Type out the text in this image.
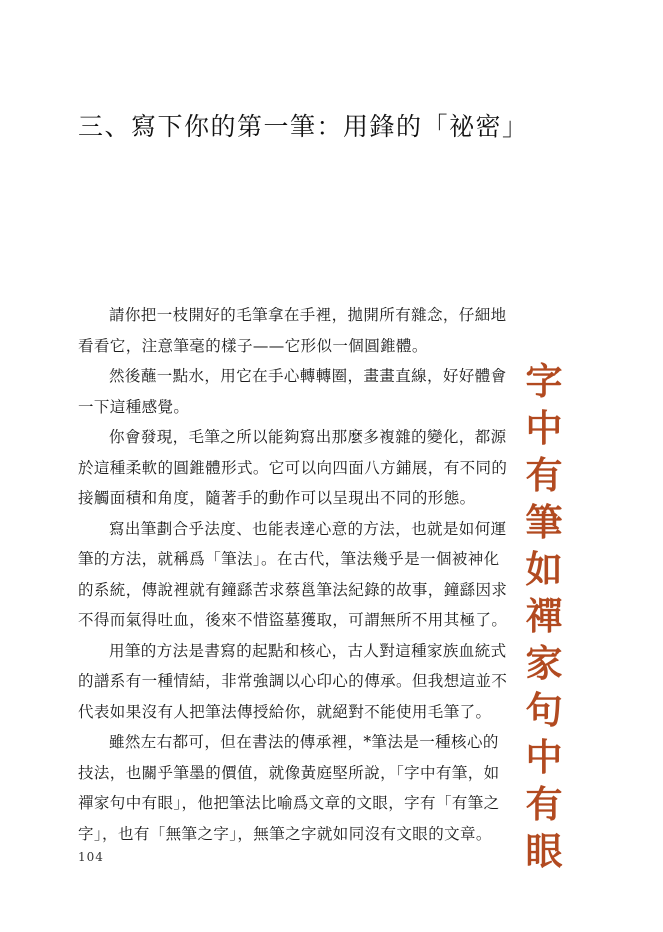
三、寫下你的第一筆：用鋒的「祕密」

請你把一枝開好的毛筆拿在手裡，拋開所有雜念，仔細地
看看它，注意筆毫的樣子——它形似一個圓錐體。

然後蘸一點水，用它在手心轉轉圈，畫畫直線，好好體會
一下這種感覺。

你會發現，毛筆之所以能夠寫出那麼多複雜的變化，都源
於這種柔軟的圓錐體形式。它可以向四面八方鋪展，有不同的
接觸面積和角度，隨著手的動作可以呈現出不同的形態。

寫出筆劃合乎法度、也能表達心意的方法，也就是如何運
筆的方法，就稱爲「筆法」。在古代，筆法幾乎是一個被神化
的系統，傳說裡就有鐘繇苦求蔡邕筆法紀錄的故事，鐘繇因求
不得而氣得吐血，後來不惜盜墓獲取，可謂無所不用其極了。

用筆的方法是書寫的起點和核心，古人對這種家族血統式
的譜系有一種情結，非常強調以心印心的傳承。但我想這並不
代表如果沒有人把筆法傳授給你，就絕對不能使用毛筆了。

雖然左右都可，但在書法的傳承裡，*筆法是一種核心的
技法，也關乎筆墨的價值，就像黃庭堅所說，「字中有筆，如
禪家句中有眼」，他把筆法比喻爲文章的文眼，字有「有筆之
字」，也有「無筆之字」，無筆之字就如同沒有文眼的文章。

字
中
有
筆
如
禪
家
句
中
有
眼
104
